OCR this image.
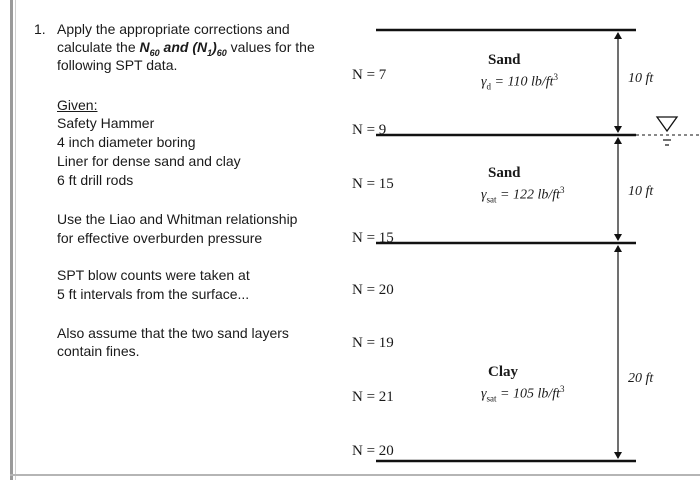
1. Apply the appropriate corrections and
calculate the $N_{60}$ and $(N_1)_{60}$ values for the
following SPT data.
Given:
Safety Hammer
4 inch diameter boring
Liner for dense sand and clay
6 ft drill rods
Use the Liao and Whitman relationship
for effective overburden pressure
SPT blow counts were taken at
5 ft intervals from the surface...
Also assume that the two sand layers
contain fines.
N = 7
N = 9
N = 15
N = 15
N = 20
N = 19
N = 21
N = 20
Sand
$\gamma_d = 110$ $lb/ft^3$	10 ft
Sand
$\gamma_{sat} = 122$ $lb/ft^3$	10 ft
Clay
$\gamma_{sat} = 105$ $lb/ft^3$
20 ft
